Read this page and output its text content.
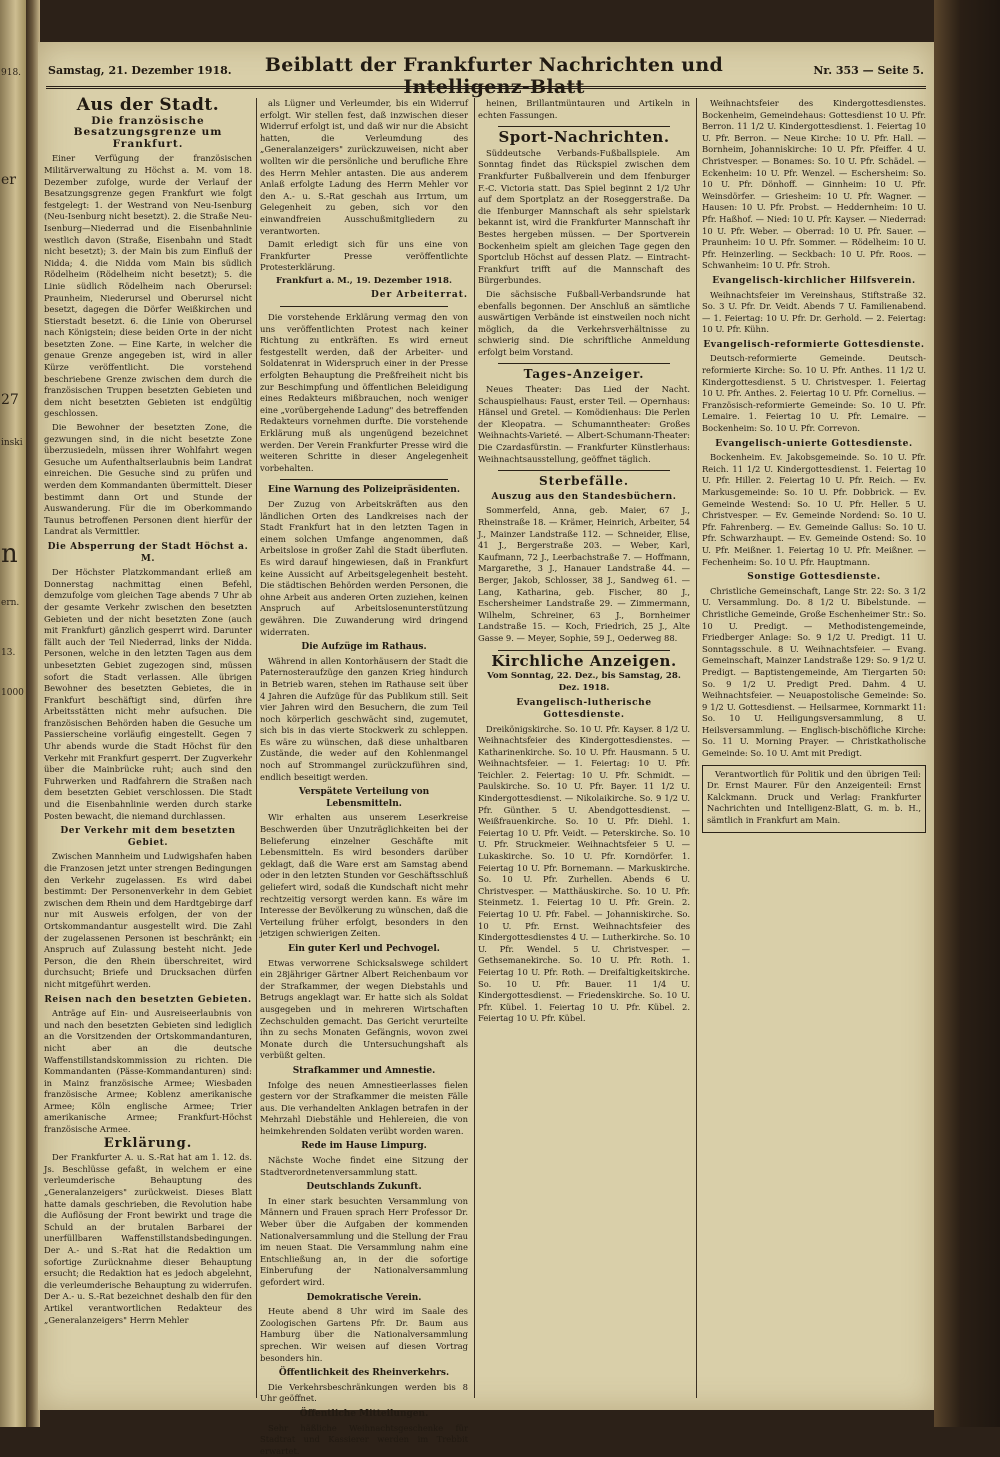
918.
er
27
inski
n
ern.
1000
13.
Samstag, 21. Dezember 1918.	Beiblatt der Frankfurter Nachrichten und Intelligenz-Blatt
Nr. 353 — Seite 5.
Aus der Stadt.
Die französische Besatzungsgrenze um Frankfurt.

Einer Verfügung der französischen Militärverwaltung zu Höchst a. M. vom 18. Dezember zufolge, wurde der Verlauf der Besatzungsgrenze gegen Frankfurt wie folgt festgelegt: 1. der Westrand von Neu-Isenburg (Neu-Isenburg nicht besetzt). 2. die Straße Neu-Isenburg—Niederrad und die Eisenbahnlinie westlich davon (Straße, Eisenbahn und Stadt nicht besetzt); 3. der Main bis zum Einfluß der Nidda; 4. die Nidda vom Main bis südlich Rödelheim (Rödelheim nicht besetzt); 5. die Linie südlich Rödelheim nach Oberursel: Praunheim, Niederursel und Oberursel nicht besetzt, dagegen die Dörfer Weißkirchen und Stierstadt besetzt. 6. die Linie von Oberursel nach Königstein; diese beiden Orte in der nicht besetzten Zone. — Eine Karte, in welcher die genaue Grenze angegeben ist, wird in aller Kürze veröffentlicht. Die vorstehend beschriebene Grenze zwischen dem durch die französischen Truppen besetzten Gebieten und dem nicht besetzten Gebieten ist endgültig geschlossen.

Die Bewohner der besetzten Zone, die gezwungen sind, in die nicht besetzte Zone überzusiedeln, müssen ihrer Wohlfahrt wegen Gesuche um Aufenthaltserlaubnis beim Landrat einreichen. Die Gesuche sind zu prüfen und werden dem Kommandanten übermittelt. Dieser bestimmt dann Ort und Stunde der Auswanderung. Für die im Oberkommando Taunus betroffenen Personen dient hierfür der Landrat als Vermittler.

Die Absperrung der Stadt Höchst a. M.

Der Höchster Platzkommandant erließ am Donnerstag nachmittag einen Befehl, demzufolge vom gleichen Tage abends 7 Uhr ab der gesamte Verkehr zwischen den besetzten Gebieten und der nicht besetzten Zone (auch mit Frankfurt) gänzlich gesperrt wird. Darunter fällt auch der Teil Niederrad, links der Nidda. Personen, welche in den letzten Tagen aus dem unbesetzten Gebiet zugezogen sind, müssen sofort die Stadt verlassen. Alle übrigen Bewohner des besetzten Gebietes, die in Frankfurt beschäftigt sind, dürfen ihre Arbeitsstätten nicht mehr aufsuchen. Die französischen Behörden haben die Gesuche um Passierscheine vorläufig eingestellt. Gegen 7 Uhr abends wurde die Stadt Höchst für den Verkehr mit Frankfurt gesperrt. Der Zugverkehr über die Mainbrücke ruht; auch sind den Fuhrwerken und Radfahrern die Straßen nach dem besetzten Gebiet verschlossen. Die Stadt und die Eisenbahnlinie werden durch starke Posten bewacht, die niemand durchlassen.

Der Verkehr mit dem besetzten Gebiet.

Zwischen Mannheim und Ludwigshafen haben die Franzosen jetzt unter strengen Bedingungen den Verkehr zugelassen. Es wird dabei bestimmt: Der Personenverkehr in dem Gebiet zwischen dem Rhein und dem Hardtgebirge darf nur mit Ausweis erfolgen, der von der Ortskommandantur ausgestellt wird. Die Zahl der zugelassenen Personen ist beschränkt; ein Anspruch auf Zulassung besteht nicht. Jede Person, die den Rhein überschreitet, wird durchsucht; Briefe und Drucksachen dürfen nicht mitgeführt werden.

Reisen nach den besetzten Gebieten.

Anträge auf Ein- und Ausreiseerlaubnis von und nach den besetzten Gebieten sind lediglich an die Vorsitzenden der Ortskommandanturen, nicht aber an die deutsche Waffenstillstandskommission zu richten. Die Kommandanten (Pässe-Kommandanturen) sind: in Mainz französische Armee; Wiesbaden französische Armee; Koblenz amerikanische Armee; Köln englische Armee; Trier amerikanische Armee; Frankfurt-Höchst französische Armee.

Erklärung.

Der Frankfurter A. u. S.-Rat hat am 1. 12. ds. Js. Beschlüsse gefaßt, in welchem er eine verleumderische Behauptung des „Generalanzeigers" zurückweist. Dieses Blatt hatte damals geschrieben, die Revolution habe die Auflösung der Front bewirkt und trage die Schuld an der brutalen Barbarei der unerfüllbaren Waffenstillstandsbedingungen. Der A.- und S.-Rat hat die Redaktion um sofortige Zurücknahme dieser Behauptung ersucht; die Redaktion hat es jedoch abgelehnt, die verleumderische Behauptung zu widerrufen. Der A.- u. S.-Rat bezeichnet deshalb den für den Artikel verantwortlichen Redakteur des „Generalanzeigers" Herrn Mehler

als Lügner und Verleumder, bis ein Widerruf erfolgt. Wir stellen fest, daß inzwischen dieser Widerruf erfolgt ist, und daß wir nur die Absicht hatten, die Verleumdung des „Generalanzeigers" zurückzuweisen, nicht aber wollten wir die persönliche und berufliche Ehre des Herrn Mehler antasten. Die aus anderem Anlaß erfolgte Ladung des Herrn Mehler vor den A.- u. S.-Rat geschah aus Irrtum, um Gelegenheit zu geben, sich vor den einwandfreien Ausschußmitgliedern zu verantworten.

Damit erledigt sich für uns eine von Frankfurter Presse veröffentlichte Protesterklärung.

Frankfurt a. M., 19. Dezember 1918.
Der Arbeiterrat.

Die vorstehende Erklärung vermag den von uns veröffentlichten Protest nach keiner Richtung zu entkräften. Es wird erneut festgestellt werden, daß der Arbeiter- und Soldatenrat in Widerspruch einer in der Presse erfolgten Behauptung die Preßfreiheit nicht bis zur Beschimpfung und öffentlichen Beleidigung eines Redakteurs mißbrauchen, noch weniger eine „vorübergehende Ladung" des betreffenden Redakteurs vornehmen durfte. Die vorstehende Erklärung muß als ungenügend bezeichnet werden. Der Verein Frankfurter Presse wird die weiteren Schritte in dieser Angelegenheit vorbehalten.

Eine Warnung des Polizeipräsidenten.

Der Zuzug von Arbeitskräften aus den ländlichen Orten des Landkreises nach der Stadt Frankfurt hat in den letzten Tagen in einem solchen Umfange angenommen, daß Arbeitslose in großer Zahl die Stadt überfluten. Es wird darauf hingewiesen, daß in Frankfurt keine Aussicht auf Arbeitsgelegenheit besteht. Die städtischen Behörden werden Personen, die ohne Arbeit aus anderen Orten zuziehen, keinen Anspruch auf Arbeitslosenunterstützung gewähren. Die Zuwanderung wird dringend widerraten.

Die Aufzüge im Rathaus.

Während in allen Kontorhäusern der Stadt die Paternosteraufzüge den ganzen Krieg hindurch in Betrieb waren, stehen im Rathause seit über 4 Jahren die Aufzüge für das Publikum still. Seit vier Jahren wird den Besuchern, die zum Teil noch körperlich geschwächt sind, zugemutet, sich bis in das vierte Stockwerk zu schleppen. Es wäre zu wünschen, daß diese unhaltbaren Zustände, die weder auf den Kohlenmangel noch auf Strommangel zurückzuführen sind, endlich beseitigt werden.

Verspätete Verteilung von Lebensmitteln.

Wir erhalten aus unserem Leserkreise Beschwerden über Unzuträglichkeiten bei der Belieferung einzelner Geschäfte mit Lebensmitteln. Es wird besonders darüber geklagt, daß die Ware erst am Samstag abend oder in den letzten Stunden vor Geschäftsschluß geliefert wird, sodaß die Kundschaft nicht mehr rechtzeitig versorgt werden kann. Es wäre im Interesse der Bevölkerung zu wünschen, daß die Verteilung früher erfolgt, besonders in den jetzigen schwierigen Zeiten.

Ein guter Kerl und Pechvogel.

Etwas verworrene Schicksalswege schildert ein 28jähriger Gärtner Albert Reichenbaum vor der Strafkammer, der wegen Diebstahls und Betrugs angeklagt war. Er hatte sich als Soldat ausgegeben und in mehreren Wirtschaften Zechschulden gemacht. Das Gericht verurteilte ihn zu sechs Monaten Gefängnis, wovon zwei Monate durch die Untersuchungshaft als verbüßt gelten.

Strafkammer und Amnestie.

Infolge des neuen Amnestieerlasses fielen gestern vor der Strafkammer die meisten Fälle aus. Die verhandelten Anklagen betrafen in der Mehrzahl Diebstähle und Hehlereien, die von heimkehrenden Soldaten verübt worden waren.

Rede im Hause Limpurg.

Nächste Woche findet eine Sitzung der Stadtverordnetenversammlung statt.

Deutschlands Zukunft.

In einer stark besuchten Versammlung von Männern und Frauen sprach Herr Professor Dr. Weber über die Aufgaben der kommenden Nationalversammlung und die Stellung der Frau im neuen Staat. Die Versammlung nahm eine Entschließung an, in der die sofortige Einberufung der Nationalversammlung gefordert wird.

Demokratische Verein.

Heute abend 8 Uhr wird im Saale des Zoologischen Gartens Pfr. Dr. Baum aus Hamburg über die Nationalversammlung sprechen. Wir weisen auf diesen Vortrag besonders hin.

Öffentlichkeit des Rheinverkehrs.

Die Verkehrsbeschränkungen werden bis 8 Uhr geöffnet.

Öffentliche Mitteilungen.

Sehr häßliche Weihnachtsgeschenke für Stadtrat und Kassierer werden im Trebbit erwartet.

heinen, Brillantmüntauren und Artikeln in echten Fassungen.

Sport-Nachrichten.

Süddeutsche Verbands-Fußballspiele. Am Sonntag findet das Rückspiel zwischen dem Frankfurter Fußballverein und dem Ifenburger F.-C. Victoria statt. Das Spiel beginnt 2 1/2 Uhr auf dem Sportplatz an der Roseggerstraße. Da die Ifenburger Mannschaft als sehr spielstark bekannt ist, wird die Frankfurter Mannschaft ihr Bestes hergeben müssen. — Der Sportverein Bockenheim spielt am gleichen Tage gegen den Sportclub Höchst auf dessen Platz. — Eintracht-Frankfurt trifft auf die Mannschaft des Bürgerbundes.

Die sächsische Fußball-Verbandsrunde hat ebenfalls begonnen. Der Anschluß an sämtliche auswärtigen Verbände ist einstweilen noch nicht möglich, da die Verkehrsverhältnisse zu schwierig sind. Die schriftliche Anmeldung erfolgt beim Vorstand.

Tages-Anzeiger.

Neues Theater: Das Lied der Nacht. Schauspielhaus: Faust, erster Teil. — Opernhaus: Hänsel und Gretel. — Komödienhaus: Die Perlen der Kleopatra. — Schumanntheater: Großes Weihnachts-Varieté. — Albert-Schumann-Theater: Die Czardasfürstin. — Frankfurter Künstlerhaus: Weihnachtsausstellung, geöffnet täglich.

Sterbefälle.
Auszug aus den Standesbüchern.

Sommerfeld, Anna, geb. Maier, 67 J., Rheinstraße 18. — Krämer, Heinrich, Arbeiter, 54 J., Mainzer Landstraße 112. — Schneider, Elise, 41 J., Bergerstraße 203. — Weber, Karl, Kaufmann, 72 J., Leerbachstraße 7. — Hoffmann, Margarethe, 3 J., Hanauer Landstraße 44. — Berger, Jakob, Schlosser, 38 J., Sandweg 61. — Lang, Katharina, geb. Fischer, 80 J., Eschersheimer Landstraße 29. — Zimmermann, Wilhelm, Schreiner, 63 J., Bornheimer Landstraße 15. — Koch, Friedrich, 25 J., Alte Gasse 9. — Meyer, Sophie, 59 J., Oederweg 88.

Kirchliche Anzeigen.
Vom Sonntag, 22. Dez., bis Samstag, 28. Dez. 1918.
Evangelisch-lutherische Gottesdienste.

Dreikönigskirche. So. 10 U. Pfr. Kayser. 8 1/2 U. Weihnachtsfeier des Kindergottesdienstes. — Katharinenkirche. So. 10 U. Pfr. Hausmann. 5 U. Weihnachtsfeier. — 1. Feiertag: 10 U. Pfr. Teichler. 2. Feiertag: 10 U. Pfr. Schmidt. — Paulskirche. So. 10 U. Pfr. Bayer. 11 1/2 U. Kindergottesdienst. — Nikolaikirche. So. 9 1/2 U. Pfr. Günther. 5 U. Abendgottesdienst. — Weißfrauenkirche. So. 10 U. Pfr. Diehl. 1. Feiertag 10 U. Pfr. Veidt. — Peterskirche. So. 10 U. Pfr. Struckmeier. Weihnachtsfeier 5 U. — Lukaskirche. So. 10 U. Pfr. Korndörfer. 1. Feiertag 10 U. Pfr. Bornemann. — Markuskirche. So. 10 U. Pfr. Zurhellen. Abends 6 U. Christvesper. — Matthäuskirche. So. 10 U. Pfr. Steinmetz. 1. Feiertag 10 U. Pfr. Grein. 2. Feiertag 10 U. Pfr. Fabel. — Johanniskirche. So. 10 U. Pfr. Ernst. Weihnachtsfeier des Kindergottesdienstes 4 U. — Lutherkirche. So. 10 U. Pfr. Wendel. 5 U. Christvesper. — Gethsemanekirche. So. 10 U. Pfr. Roth. 1. Feiertag 10 U. Pfr. Roth. — Dreifaltigkeitskirche. So. 10 U. Pfr. Bauer. 11 1/4 U. Kindergottesdienst. — Friedenskirche. So. 10 U. Pfr. Kübel. 1. Feiertag 10 U. Pfr. Kübel. 2. Feiertag 10 U. Pfr. Kübel.

Weihnachtsfeier des Kindergottesdienstes. Bockenheim, Gemeindehaus: Gottesdienst 10 U. Pfr. Berron. 11 1/2 U. Kindergottesdienst. 1. Feiertag 10 U. Pfr. Berron. — Neue Kirche: 10 U. Pfr. Hall. — Bornheim, Johanniskirche: 10 U. Pfr. Pfeiffer. 4 U. Christvesper. — Bonames: So. 10 U. Pfr. Schädel. — Eckenheim: 10 U. Pfr. Wenzel. — Eschersheim: So. 10 U. Pfr. Dönhoff. — Ginnheim: 10 U. Pfr. Weinsdörfer. — Griesheim: 10 U. Pfr. Wagner. — Hausen: 10 U. Pfr. Probst. — Heddernheim: 10 U. Pfr. Haßhof. — Nied: 10 U. Pfr. Kayser. — Niederrad: 10 U. Pfr. Weber. — Oberrad: 10 U. Pfr. Sauer. — Praunheim: 10 U. Pfr. Sommer. — Rödelheim: 10 U. Pfr. Heinzerling. — Seckbach: 10 U. Pfr. Roos. — Schwanheim: 10 U. Pfr. Stroh.

Evangelisch-kirchlicher Hilfsverein.

Weihnachtsfeier im Vereinshaus, Stiftstraße 32. So. 3 U. Pfr. Dr. Veidt. Abends 7 U. Familienabend. — 1. Feiertag: 10 U. Pfr. Dr. Gerhold. — 2. Feiertag: 10 U. Pfr. Kühn.

Evangelisch-reformierte Gottesdienste.

Deutsch-reformierte Gemeinde. Deutsch-reformierte Kirche: So. 10 U. Pfr. Anthes. 11 1/2 U. Kindergottesdienst. 5 U. Christvesper. 1. Feiertag 10 U. Pfr. Anthes. 2. Feiertag 10 U. Pfr. Cornelius. — Französisch-reformierte Gemeinde: So. 10 U. Pfr. Lemaire. 1. Feiertag 10 U. Pfr. Lemaire. — Bockenheim: So. 10 U. Pfr. Correvon.

Evangelisch-unierte Gottesdienste.

Bockenheim. Ev. Jakobsgemeinde. So. 10 U. Pfr. Reich. 11 1/2 U. Kindergottesdienst. 1. Feiertag 10 U. Pfr. Hiller. 2. Feiertag 10 U. Pfr. Reich. — Ev. Markusgemeinde: So. 10 U. Pfr. Dobbrick. — Ev. Gemeinde Westend: So. 10 U. Pfr. Heller. 5 U. Christvesper. — Ev. Gemeinde Nordend: So. 10 U. Pfr. Fahrenberg. — Ev. Gemeinde Gallus: So. 10 U. Pfr. Schwarzhaupt. — Ev. Gemeinde Ostend: So. 10 U. Pfr. Meißner. 1. Feiertag 10 U. Pfr. Meißner. — Fechenheim: So. 10 U. Pfr. Hauptmann.

Sonstige Gottesdienste.

Christliche Gemeinschaft, Lange Str. 22: So. 3 1/2 U. Versammlung. Do. 8 1/2 U. Bibelstunde. — Christliche Gemeinde, Große Eschenheimer Str.: So. 10 U. Predigt. — Methodistengemeinde, Friedberger Anlage: So. 9 1/2 U. Predigt. 11 U. Sonntagsschule. 8 U. Weihnachtsfeier. — Evang. Gemeinschaft, Mainzer Landstraße 129: So. 9 1/2 U. Predigt. — Baptistengemeinde, Am Tiergarten 50: So. 9 1/2 U. Predigt Pred. Dahm. 4 U. Weihnachtsfeier. — Neuapostolische Gemeinde: So. 9 1/2 U. Gottesdienst. — Heilsarmee, Kornmarkt 11: So. 10 U. Heiligungsversammlung, 8 U. Heilsversammlung. — Englisch-bischöfliche Kirche: So. 11 U. Morning Prayer. — Christkatholische Gemeinde: So. 10 U. Amt mit Predigt.

Verantwortlich für Politik und den übrigen Teil: Dr. Ernst Maurer. Für den Anzeigenteil: Ernst Kalckmann. Druck und Verlag: Frankfurter Nachrichten und Intelligenz-Blatt, G. m. b. H., sämtlich in Frankfurt am Main.
